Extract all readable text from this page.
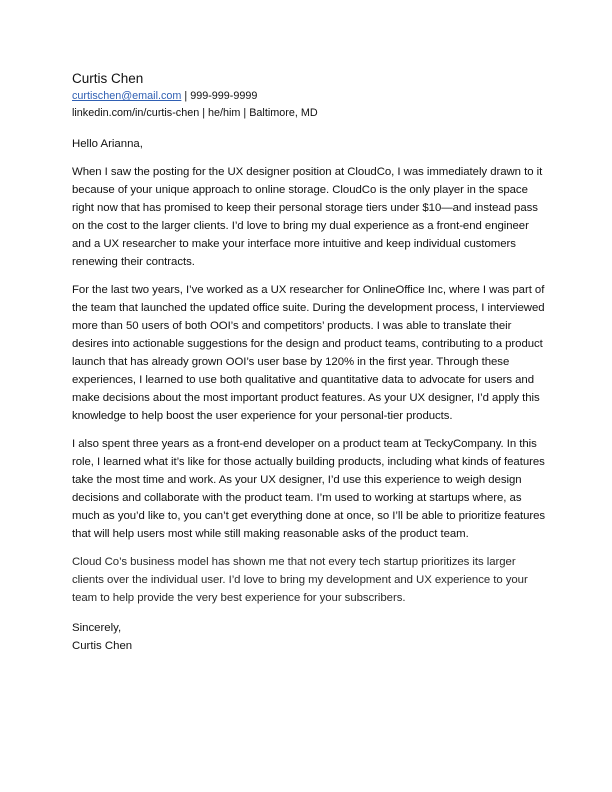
Curtis Chen

curtischen@email.com | 999-999-9999

linkedin.com/in/curtis-chen | he/him | Baltimore, MD

Hello Arianna,

When I saw the posting for the UX designer position at CloudCo, I was immediately drawn to it because of your unique approach to online storage. CloudCo is the only player in the space right now that has promised to keep their personal storage tiers under $10—and instead pass on the cost to the larger clients. I’d love to bring my dual experience as a front-end engineer and a UX researcher to make your interface more intuitive and keep individual customers renewing their contracts.

For the last two years, I’ve worked as a UX researcher for OnlineOffice Inc, where I was part of the team that launched the updated office suite. During the development process, I interviewed more than 50 users of both OOI’s and competitors’ products. I was able to translate their desires into actionable suggestions for the design and product teams, contributing to a product launch that has already grown OOI’s user base by 120% in the first year. Through these experiences, I learned to use both qualitative and quantitative data to advocate for users and make decisions about the most important product features. As your UX designer, I’d apply this knowledge to help boost the user experience for your personal-tier products.

I also spent three years as a front-end developer on a product team at TeckyCompany. In this role, I learned what it’s like for those actually building products, including what kinds of features take the most time and work. As your UX designer, I’d use this experience to weigh design decisions and collaborate with the product team. I’m used to working at startups where, as much as you’d like to, you can’t get everything done at once, so I’ll be able to prioritize features that will help users most while still making reasonable asks of the product team.

Cloud Co’s business model has shown me that not every tech startup prioritizes its larger clients over the individual user. I’d love to bring my development and UX experience to your team to help provide the very best experience for your subscribers.

Sincerely,
Curtis Chen
